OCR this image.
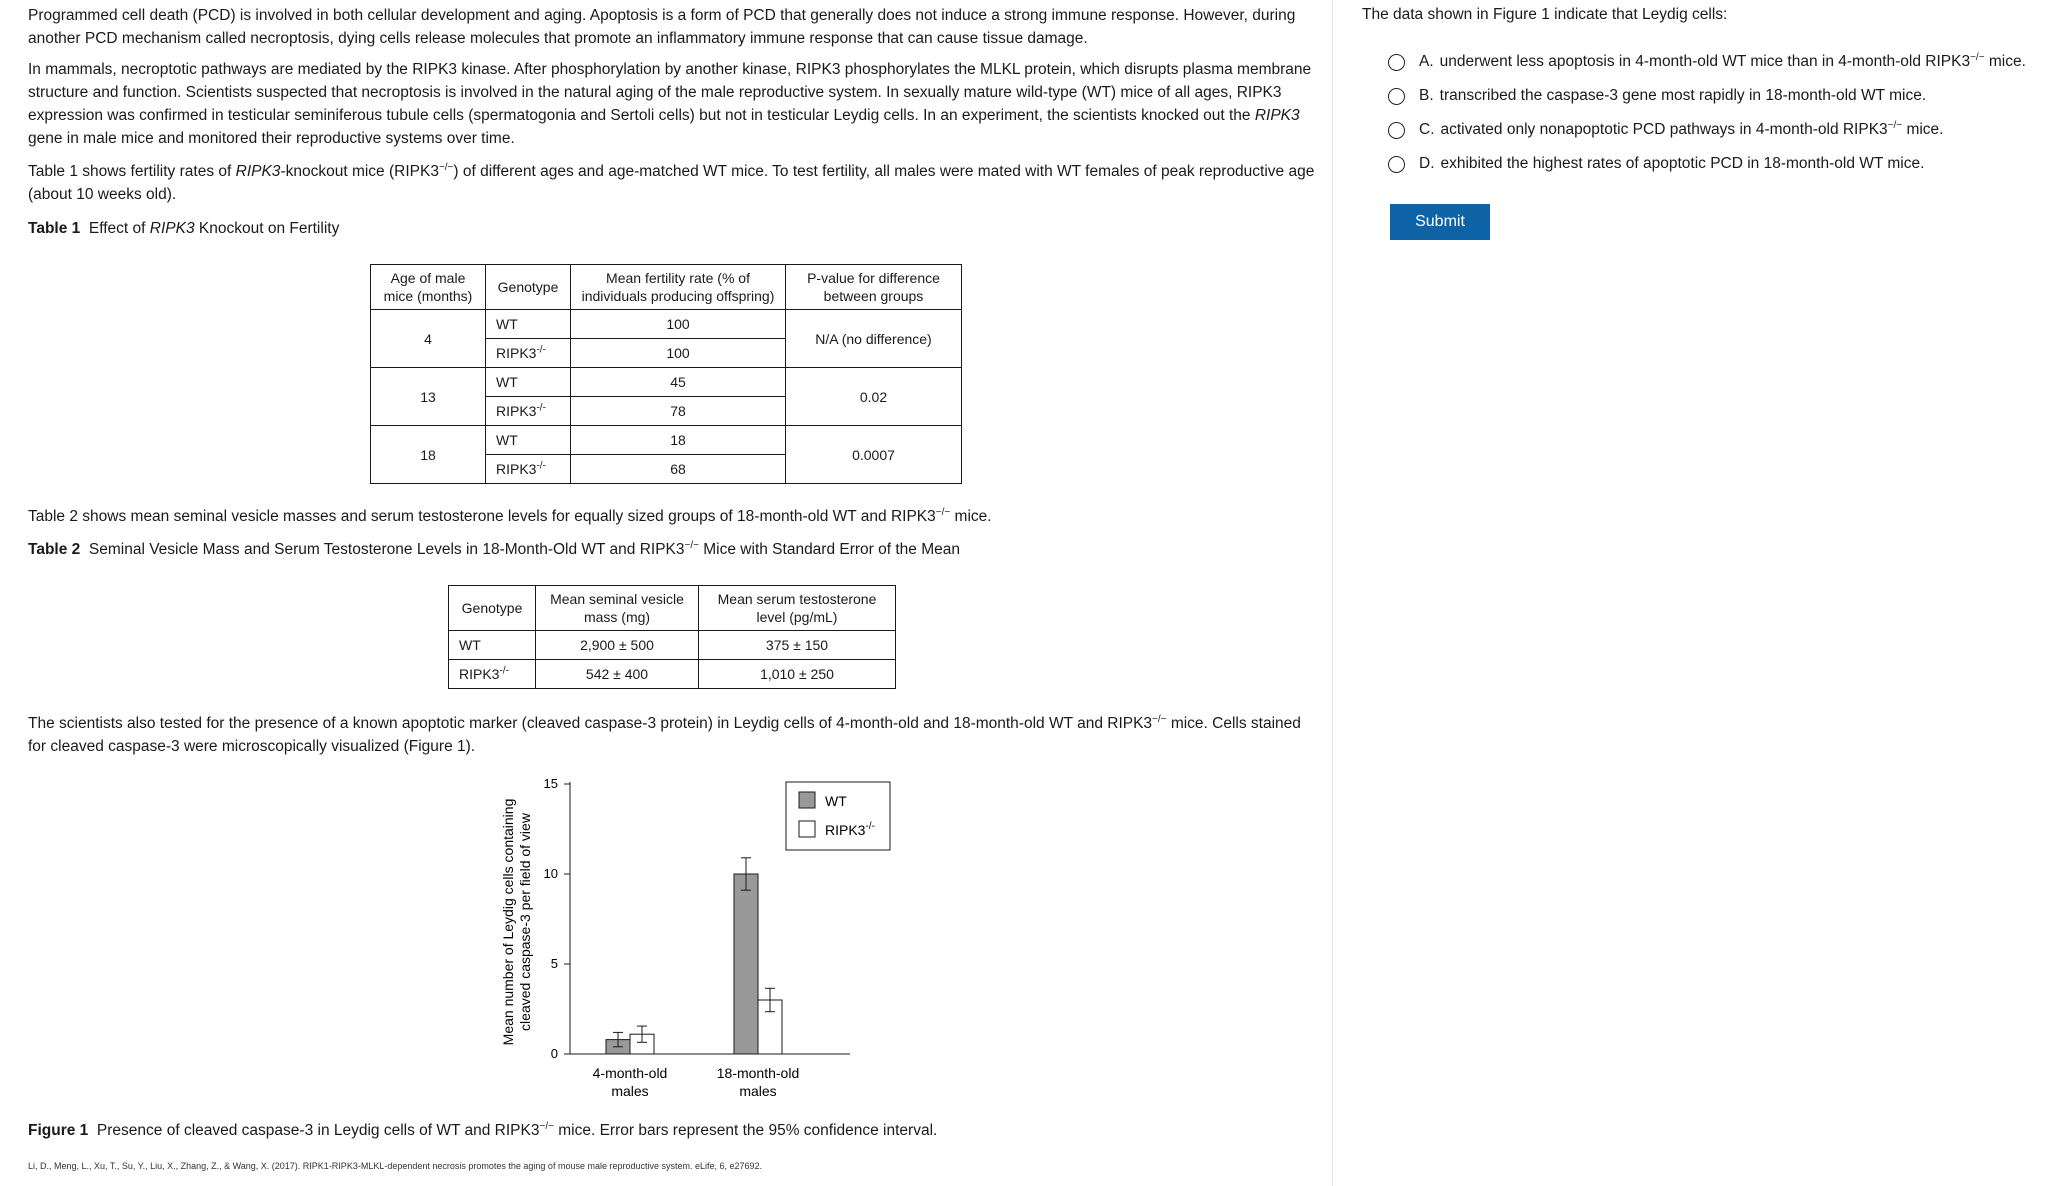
Programmed cell death (PCD) is involved in both cellular development and aging. Apoptosis is a form of PCD that generally does not induce a strong immune response. However, during another PCD mechanism called necroptosis, dying cells release molecules that promote an inflammatory immune response that can cause tissue damage.

In mammals, necroptotic pathways are mediated by the RIPK3 kinase. After phosphorylation by another kinase, RIPK3 phosphorylates the MLKL protein, which disrupts plasma membrane structure and function. Scientists suspected that necroptosis is involved in the natural aging of the male reproductive system. In sexually mature wild-type (WT) mice of all ages, RIPK3 expression was confirmed in testicular seminiferous tubule cells (spermatogonia and Sertoli cells) but not in testicular Leydig cells. In an experiment, the scientists knocked out the RIPK3 gene in male mice and monitored their reproductive systems over time.

Table 1 shows fertility rates of RIPK3-knockout mice (RIPK3−/−) of different ages and age-matched WT mice. To test fertility, all males were mated with WT females of peak reproductive age (about 10 weeks old).

Table 1 Effect of RIPK3 Knockout on Fertility

Age of male mice (months)	Genotype	Mean fertility rate (% of individuals producing offspring)	P-value for difference between groups
4	WT	100	N/A (no difference)
	RIPK3-/-	100	
13	WT	45	0.02
	RIPK3-/-	78	
18	WT	18	0.0007
	RIPK3-/-	68	

Table 2 shows mean seminal vesicle masses and serum testosterone levels for equally sized groups of 18-month-old WT and RIPK3−/− mice.

Table 2 Seminal Vesicle Mass and Serum Testosterone Levels in 18-Month-Old WT and RIPK3−/− Mice with Standard Error of the Mean

Genotype	Mean seminal vesicle mass (mg)	Mean serum testosterone level (pg/mL)
WT	2,900 ± 500	375 ± 150
RIPK3-/-	542 ± 400	1,010 ± 250

The scientists also tested for the presence of a known apoptotic marker (cleaved caspase-3 protein) in Leydig cells of 4-month-old and 18-month-old WT and RIPK3−/− mice. Cells stained for cleaved caspase-3 were microscopically visualized (Figure 1).

0
5
10
15
Mean number of Leydig cells containing cleaved caspase-3 per field of view
4-month-old
males
18-month-old
males
WT
RIPK3-/-

Figure 1 Presence of cleaved caspase-3 in Leydig cells of WT and RIPK3−/− mice. Error bars represent the 95% confidence interval.

Li, D., Meng, L., Xu, T., Su, Y., Liu, X., Zhang, Z., & Wang, X. (2017). RIPK1-RIPK3-MLKL-dependent necrosis promotes the aging of mouse male reproductive system. eLife, 6, e27692.
The data shown in Figure 1 indicate that Leydig cells:
A. underwent less apoptosis in 4-month-old WT mice than in 4-month-old RIPK3−/− mice.
B. transcribed the caspase-3 gene most rapidly in 18-month-old WT mice.
C. activated only nonapoptotic PCD pathways in 4-month-old RIPK3−/− mice.
D. exhibited the highest rates of apoptotic PCD in 18-month-old WT mice.
Submit
